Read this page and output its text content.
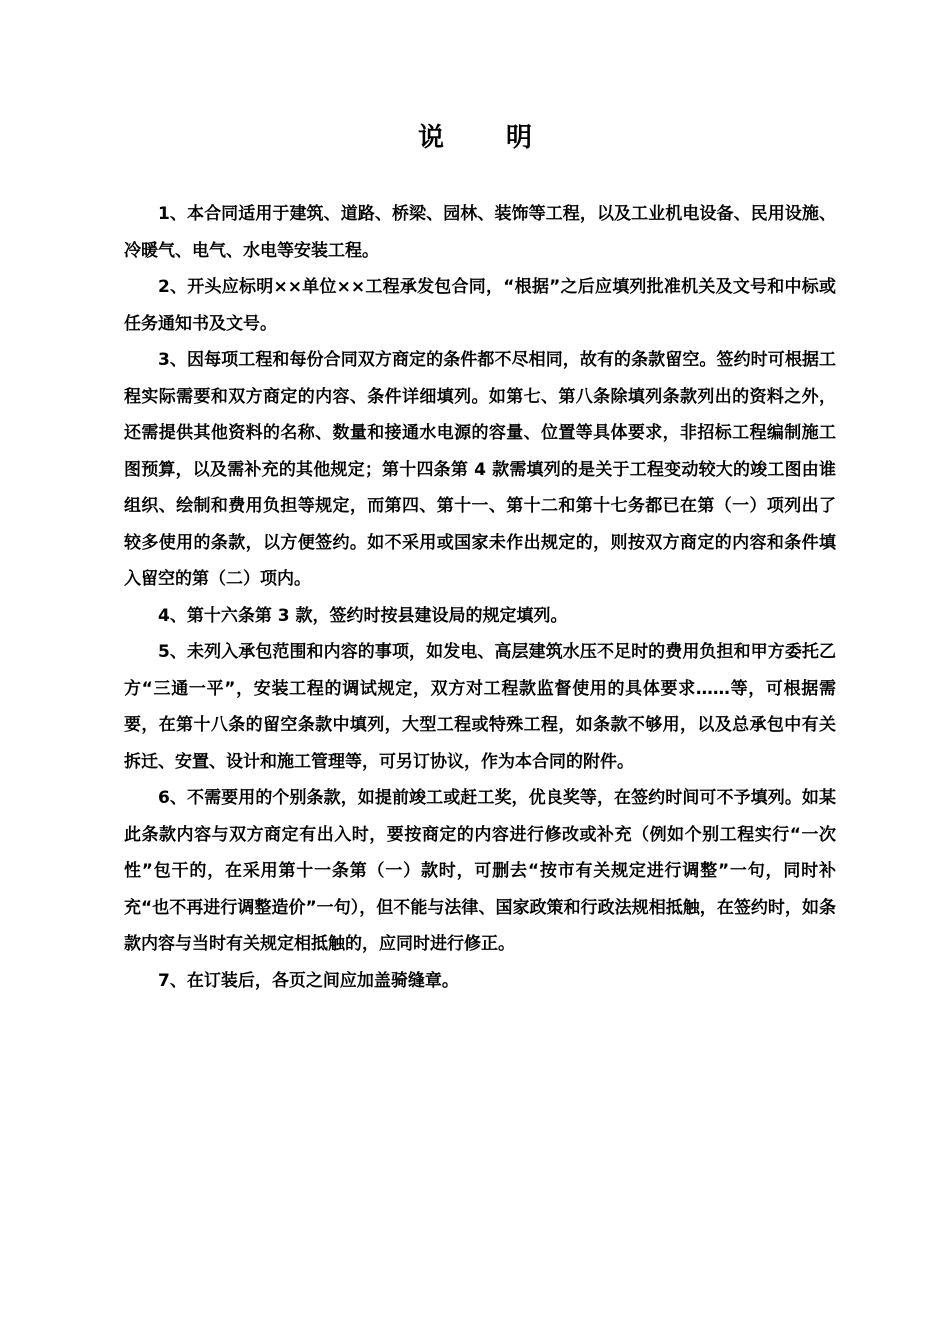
说　明

1、本合同适用于建筑、道路、桥梁、园林、装饰等工程，以及工业机电设备、民用设施、冷暖气、电气、水电等安装工程。

2、开头应标明××单位××工程承发包合同，“根据”之后应填列批准机关及文号和中标或任务通知书及文号。

3、因每项工程和每份合同双方商定的条件都不尽相同，故有的条款留空。签约时可根据工程实际需要和双方商定的内容、条件详细填列。如第七、第八条除填列条款列出的资料之外，还需提供其他资料的名称、数量和接通水电源的容量、位置等具体要求，非招标工程编制施工图预算，以及需补充的其他规定；第十四条第 4 款需填列的是关于工程变动较大的竣工图由谁组织、绘制和费用负担等规定，而第四、第十一、第十二和第十七务都已在第（一）项列出了较多使用的条款，以方便签约。如不采用或国家未作出规定的，则按双方商定的内容和条件填入留空的第（二）项内。

4、第十六条第 3 款，签约时按县建设局的规定填列。

5、未列入承包范围和内容的事项，如发电、高层建筑水压不足时的费用负担和甲方委托乙方“三通一平”，安装工程的调试规定，双方对工程款监督使用的具体要求……等，可根据需要，在第十八条的留空条款中填列，大型工程或特殊工程，如条款不够用，以及总承包中有关拆迁、安置、设计和施工管理等，可另订协议，作为本合同的附件。

6、不需要用的个别条款，如提前竣工或赶工奖，优良奖等，在签约时间可不予填列。如某此条款内容与双方商定有出入时，要按商定的内容进行修改或补充（例如个别工程实行“一次性”包干的，在采用第十一条第（一）款时，可删去“按市有关规定进行调整”一句，同时补充“也不再进行调整造价”一句），但不能与法律、国家政策和行政法规相抵触，在签约时，如条款内容与当时有关规定相抵触的，应同时进行修正。

7、在订装后，各页之间应加盖骑缝章。
